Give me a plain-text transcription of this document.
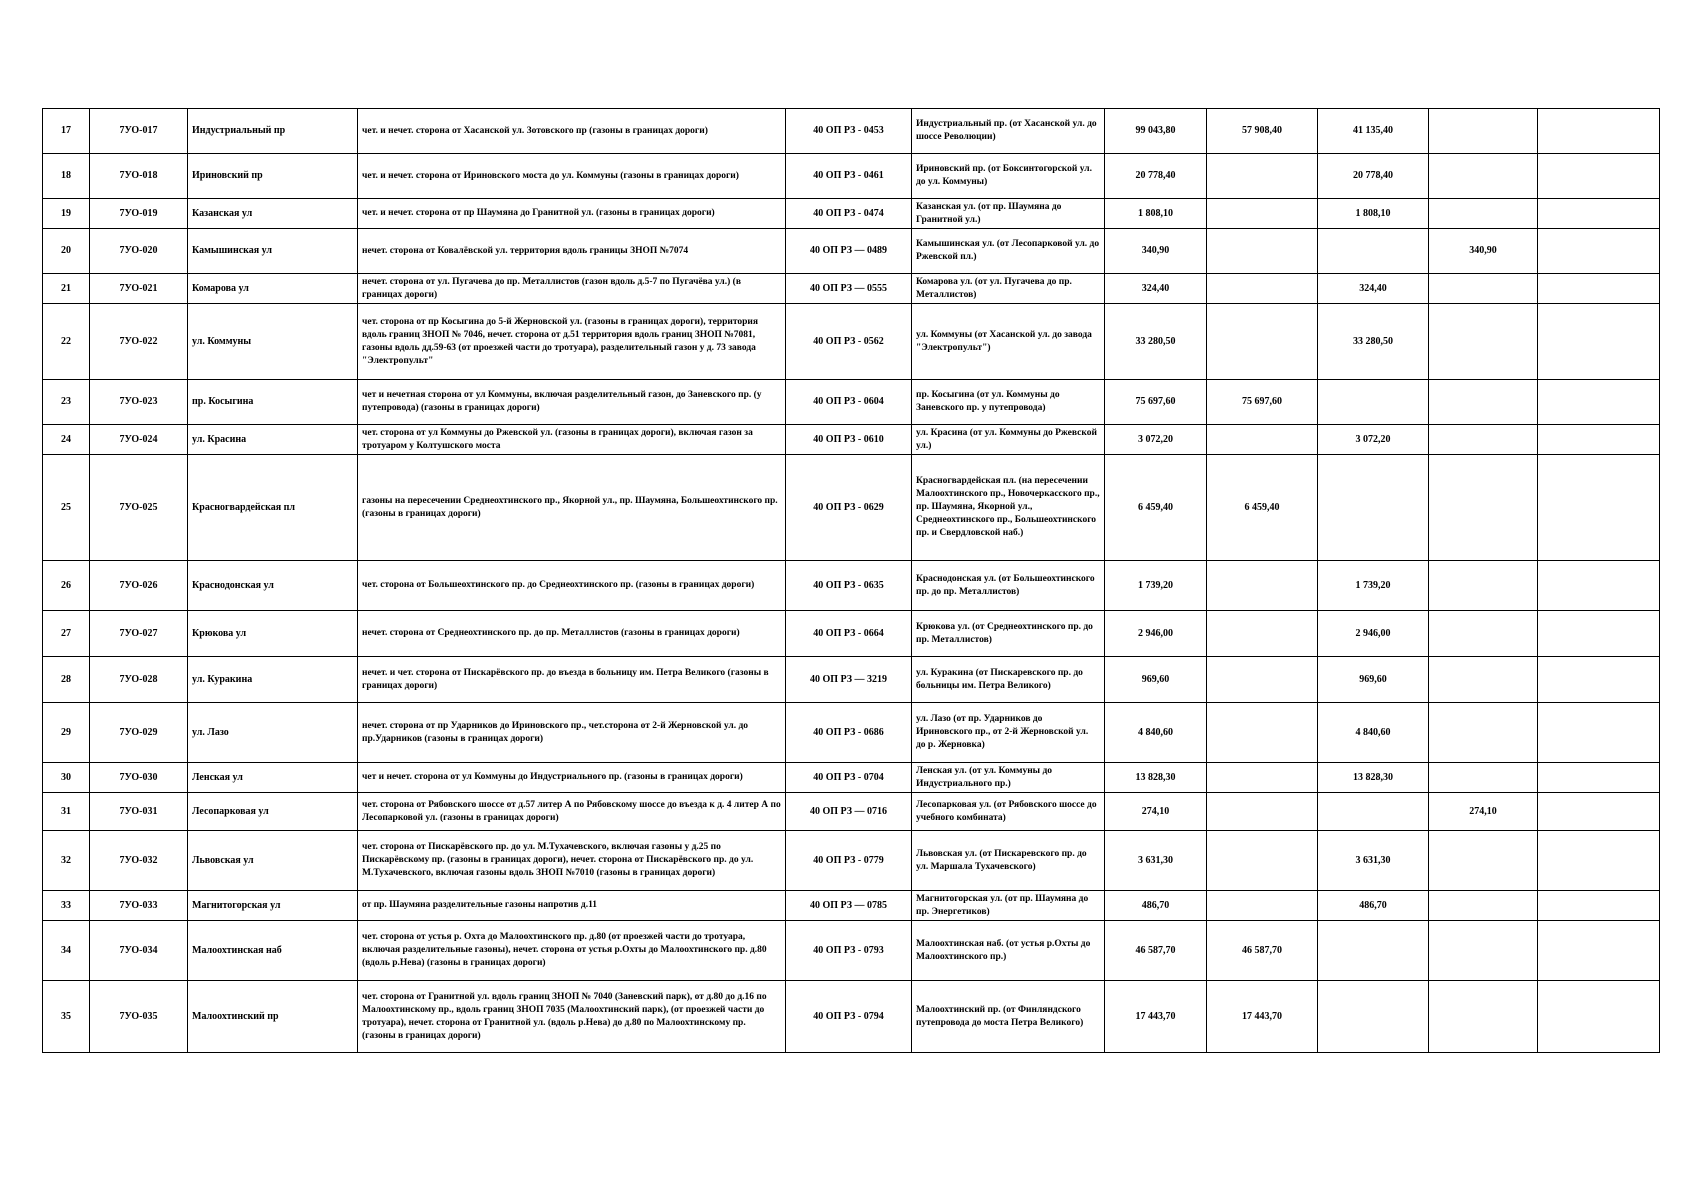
17	7УО-017	Индустриальный пр	чет. и нечет. сторона от Хасанской ул. Зотовского пр (газоны в границах дороги)	40 ОП РЗ - 0453	Индустриальный пр. (от Хасанской ул. до шоссе Революции)	99 043,80	57 908,40	41 135,40		
18	7УО-018	Ириновский пр	чет. и нечет. сторона от Ириновского моста до ул. Коммуны (газоны в границах дороги)	40 ОП РЗ - 0461	Ириновский пр. (от Боксинтогорской ул. до ул. Коммуны)	20 778,40		20 778,40		
19	7УО-019	Казанская ул	чет. и нечет. сторона от пр Шаумяна до Гранитной ул. (газоны в границах дороги)	40 ОП РЗ - 0474	Казанская ул. (от пр. Шаумяна до Гранитной ул.)	1 808,10		1 808,10		
20	7УО-020	Камышинская ул	нечет. сторона от Ковалёвской ул. территория вдоль границы ЗНОП №7074	40 ОП РЗ — 0489	Камышинская ул. (от Лесопарковой ул. до Ржевской пл.)	340,90			340,90	
21	7УО-021	Комарова ул	нечет. сторона от ул. Пугачева до пр. Металлистов (газон вдоль д.5-7 по Пугачёва ул.) (в границах дороги)	40 ОП РЗ — 0555	Комарова ул. (от ул. Пугачева до пр. Металлистов)	324,40		324,40		
22	7УО-022	ул. Коммуны	чет. сторона от пр Косыгина до 5-й Жерновской ул. (газоны в границах дороги), территория вдоль границ ЗНОП № 7046, нечет. сторона от д.51 территория вдоль границ ЗНОП №7081, газоны вдоль дд.59-63 (от проезжей части до тротуара), разделительный газон у д. 73 завода "Электропульт"	40 ОП РЗ - 0562	ул. Коммуны (от Хасанской ул. до завода "Электропульт")	33 280,50		33 280,50		
23	7УО-023	пр. Косыгина	чет и нечетная сторона от ул Коммуны, включая разделительный газон, до Заневского пр. (у путепровода) (газоны в границах дороги)	40 ОП РЗ - 0604	пр. Косыгина (от ул. Коммуны до Заневского пр. у путепровода)	75 697,60	75 697,60			
24	7УО-024	ул. Красина	чет. сторона от ул Коммуны до Ржевской ул. (газоны в границах дороги), включая газон за тротуаром у Колтушского моста	40 ОП РЗ - 0610	ул. Красина (от ул. Коммуны до Ржевской ул.)	3 072,20		3 072,20		
25	7УО-025	Красногвардейская пл	газоны на пересечении Среднеохтинского пр., Якорной ул., пр. Шаумяна, Большеохтинского пр. (газоны в границах дороги)	40 ОП РЗ - 0629	Красногвардейская пл. (на пересечении Малоохтинского пр., Новочеркасского пр., пр. Шаумяна, Якорной ул., Среднеохтинского пр., Большеохтинского пр. и Свердловской наб.)	6 459,40	6 459,40			
26	7УО-026	Краснодонская ул	чет. сторона от Большеохтинского пр. до Среднеохтинского пр. (газоны в границах дороги)	40 ОП РЗ - 0635	Краснодонская ул. (от Большеохтинского пр. до пр. Металлистов)	1 739,20		1 739,20		
27	7УО-027	Крюкова ул	нечет. сторона от Среднеохтинского пр. до пр. Металлистов (газоны в границах дороги)	40 ОП РЗ - 0664	Крюкова ул. (от Среднеохтинского пр. до пр. Металлистов)	2 946,00		2 946,00		
28	7УО-028	ул. Куракина	нечет. и чет. сторона от Пискарёвского пр. до въезда в больницу им. Петра Великого (газоны в границах дороги)	40 ОП РЗ — 3219	ул. Куракина (от Пискаревского пр. до больницы им. Петра Великого)	969,60		969,60		
29	7УО-029	ул. Лазо	нечет. сторона от пр Ударников до Ириновского пр., чет.сторона от 2-й Жерновской ул. до пр.Ударников (газоны в границах дороги)	40 ОП РЗ - 0686	ул. Лазо (от пр. Ударников до Ириновского пр., от 2-й Жерновской ул. до р. Жерновка)	4 840,60		4 840,60		
30	7УО-030	Ленская ул	чет и нечет. сторона от ул Коммуны до Индустриального пр. (газоны в границах дороги)	40 ОП РЗ - 0704	Ленская ул. (от ул. Коммуны до Индустриального пр.)	13 828,30		13 828,30		
31	7УО-031	Лесопарковая ул	чет. сторона от Рябовского шоссе от д.57 литер А по Рябовскому шоссе до въезда к д. 4 литер А по Лесопарковой ул. (газоны в границах дороги)	40 ОП РЗ — 0716	Лесопарковая ул. (от Рябовского шоссе до учебного комбината)	274,10			274,10	
32	7УО-032	Львовская ул	чет. сторона от Пискарёвского пр. до ул. М.Тухачевского, включая газоны у д.25 по Пискарёвскому пр. (газоны в границах дороги), нечет. сторона от Пискарёвского пр. до ул. М.Тухачевского, включая газоны вдоль ЗНОП №7010 (газоны в границах дороги)	40 ОП РЗ - 0779	Львовская ул. (от Пискаревского пр. до ул. Маршала Тухачевского)	3 631,30		3 631,30		
33	7УО-033	Магнитогорская ул	от пр. Шаумяна разделительные газоны напротив д.11	40 ОП РЗ — 0785	Магнитогорская ул. (от пр. Шаумяна до пр. Энергетиков)	486,70		486,70		
34	7УО-034	Малоохтинская наб	чет. сторона от устья р. Охта до Малоохтинского пр. д.80 (от проезжей части до тротуара, включая разделительные газоны), нечет. сторона от устья р.Охты до Малоохтинского пр. д.80 (вдоль р.Нева) (газоны в границах дороги)	40 ОП РЗ - 0793	Малоохтинская наб. (от устья р.Охты до Малоохтинского пр.)	46 587,70	46 587,70			
35	7УО-035	Малоохтинский пр	чет. сторона от Гранитной ул. вдоль границ ЗНОП № 7040 (Заневский парк), от д.80 до д.16 по Малоохтинскому пр., вдоль границ ЗНОП 7035 (Малоохтинский парк), (от проезжей части до тротуара), нечет. сторона от Гранитной ул. (вдоль р.Нева) до д.80 по Малоохтинскому пр. (газоны в границах дороги)	40 ОП РЗ - 0794	Малоохтинский пр. (от Финляндского путепровода до моста Петра Великого)	17 443,70	17 443,70			
